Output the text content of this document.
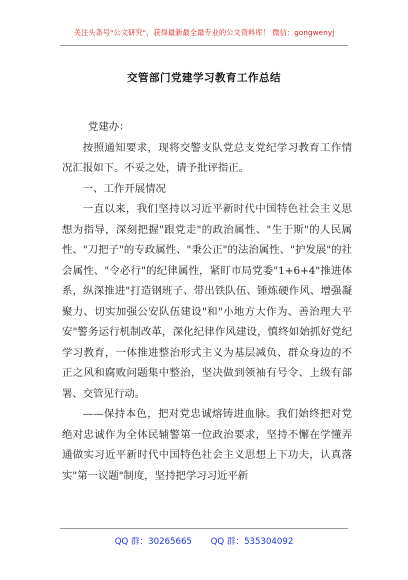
关注头条号"公文研究"，获得最新最全最专业的公文资料库！ 微信：gongwenyj
交管部门党建学习教育工作总结

党建办：

按照通知要求，现将交警支队党总支党纪学习教育工作情况汇报如下。不妥之处，请予批评指正。

一、工作开展情况

一直以来，我们坚持以习近平新时代中国特色社会主义思想为指导，深刻把握"跟党走"的政治属性、"生于斯"的人民属性、"刀把子"的专政属性、"秉公正"的法治属性、"护发展"的社会属性、"令必行"的纪律属性，紧盯市局党委"1+6+4"推进体系，纵深推进"打造钢班子、带出铁队伍、锤炼硬作风、增强凝聚力、切实加强公安队伍建设"和"小地方大作为、善治理大平安"警务运行机制改革，深化纪律作风建设，慎终如始抓好党纪学习教育，一体推进整治形式主义为基层减负、群众身边的不正之风和腐败问题集中整治，坚决做到领袖有号令、上级有部署、交管见行动。

——保持本色，把对党忠诚熔铸进血脉。我们始终把对党绝对忠诚作为全体民辅警第一位政治要求，坚持不懈在学懂弄通做实习近平新时代中国特色社会主义思想上下功夫，认真落实"第一议题"制度，坚持把学习习近平新

QQ 群：30265665 QQ 群：535304092
